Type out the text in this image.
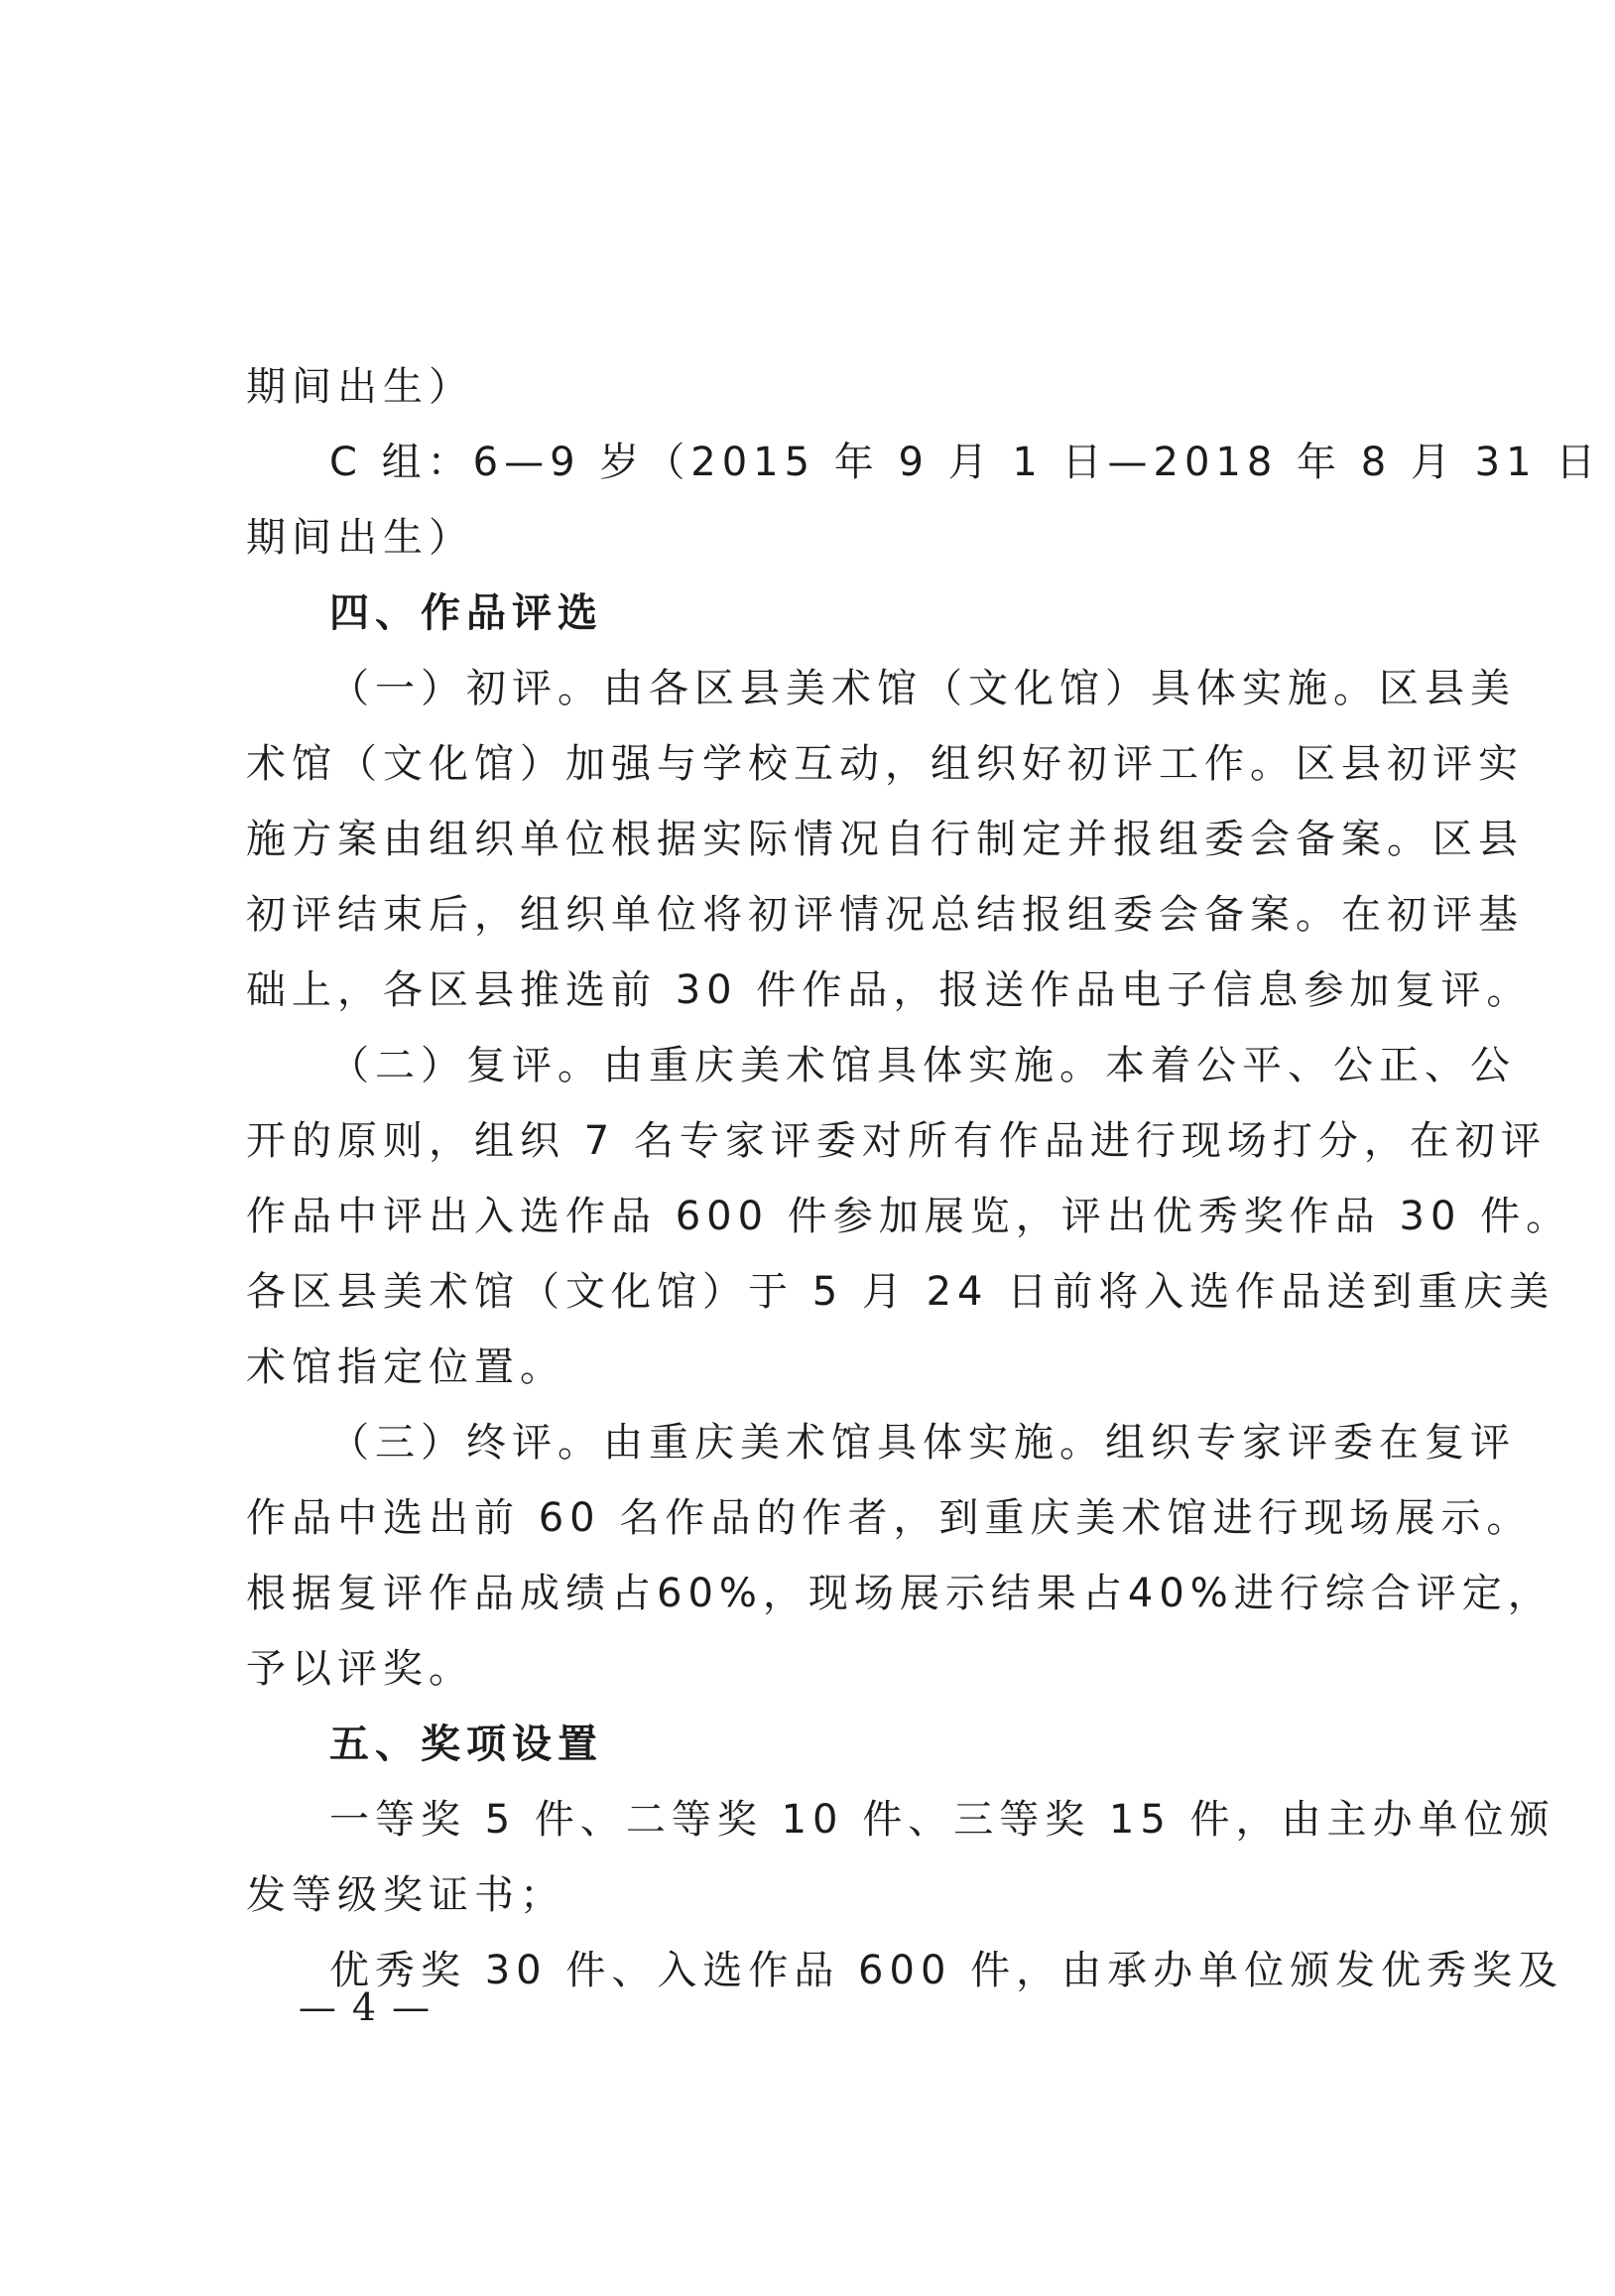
期间出生）
C 组：6—9 岁（2015 年 9 月 1 日—2018 年 8 月 31 日
期间出生）
四、作品评选
（一）初评。由各区县美术馆（文化馆）具体实施。区县美
术馆（文化馆）加强与学校互动，组织好初评工作。区县初评实
施方案由组织单位根据实际情况自行制定并报组委会备案。区县
初评结束后，组织单位将初评情况总结报组委会备案。在初评基
础上，各区县推选前 30 件作品，报送作品电子信息参加复评。
（二）复评。由重庆美术馆具体实施。本着公平、公正、公
开的原则，组织 7 名专家评委对所有作品进行现场打分，在初评
作品中评出入选作品 600 件参加展览，评出优秀奖作品 30 件。
各区县美术馆（文化馆）于 5 月 24 日前将入选作品送到重庆美
术馆指定位置。
（三）终评。由重庆美术馆具体实施。组织专家评委在复评
作品中选出前 60 名作品的作者，到重庆美术馆进行现场展示。
根据复评作品成绩占60%，现场展示结果占40%进行综合评定，
予以评奖。
五、奖项设置
一等奖 5 件、二等奖 10 件、三等奖 15 件，由主办单位颁
发等级奖证书；
优秀奖 30 件、入选作品 600 件，由承办单位颁发优秀奖及
— 4 —
